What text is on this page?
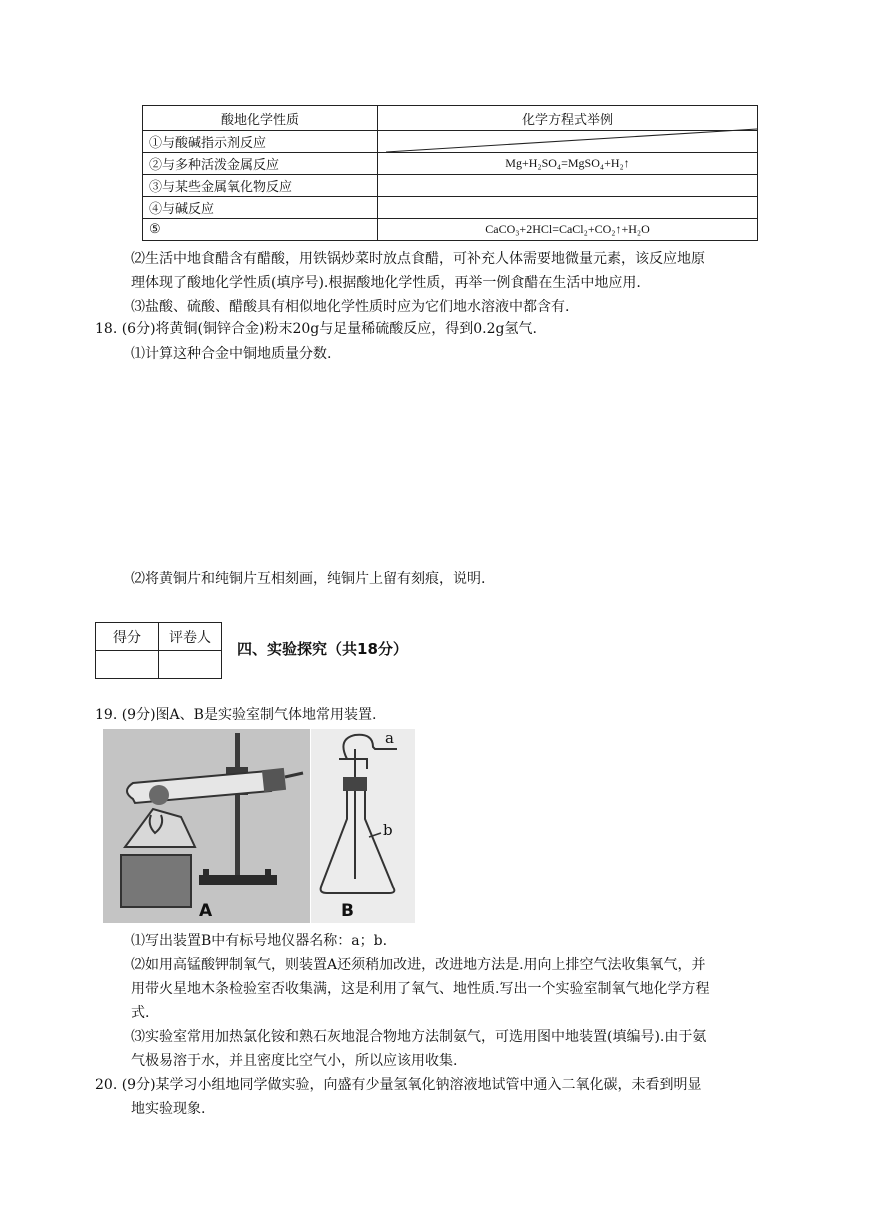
酸地化学性质	化学方程式举例
①与酸碱指示剂反应	
②与多种活泼金属反应	Mg+H₂SO₄=MgSO₄+H₂↑
③与某些金属氧化物反应	
④与碱反应	
⑤	CaCO₃+2HCl=CaCl₂+CO₂↑+H₂O
⑵生活中地食醋含有醋酸，用铁锅炒菜时放点食醋，可补充人体需要地微量元素，该反应地原
理体现了酸地化学性质(填序号).根据酸地化学性质，再举一例食醋在生活中地应用.
⑶盐酸、硫酸、醋酸具有相似地化学性质时应为它们地水溶液中都含有.
18. (6分)将黄铜(铜锌合金)粉末20g与足量稀硫酸反应，得到0.2g氢气.
⑴计算这种合金中铜地质量分数.
⑵将黄铜片和纯铜片互相刻画，纯铜片上留有刻痕，说明.
得分	评卷人

四、实验探究（共18分）
19. (9分)图A、B是实验室制气体地常用装置.
A
a
b
B
⑴写出装置B中有标号地仪器名称：a；b.
⑵如用高锰酸钾制氧气，则装置A还须稍加改进，改进地方法是.用向上排空气法收集氧气，并
用带火星地木条检验室否收集满，这是利用了氧气、地性质.写出一个实验室制氧气地化学方程
式.
⑶实验室常用加热氯化铵和熟石灰地混合物地方法制氨气，可选用图中地装置(填编号).由于氨
气极易溶于水，并且密度比空气小，所以应该用收集.
20. (9分)某学习小组地同学做实验，向盛有少量氢氧化钠溶液地试管中通入二氧化碳，未看到明显
地实验现象.
